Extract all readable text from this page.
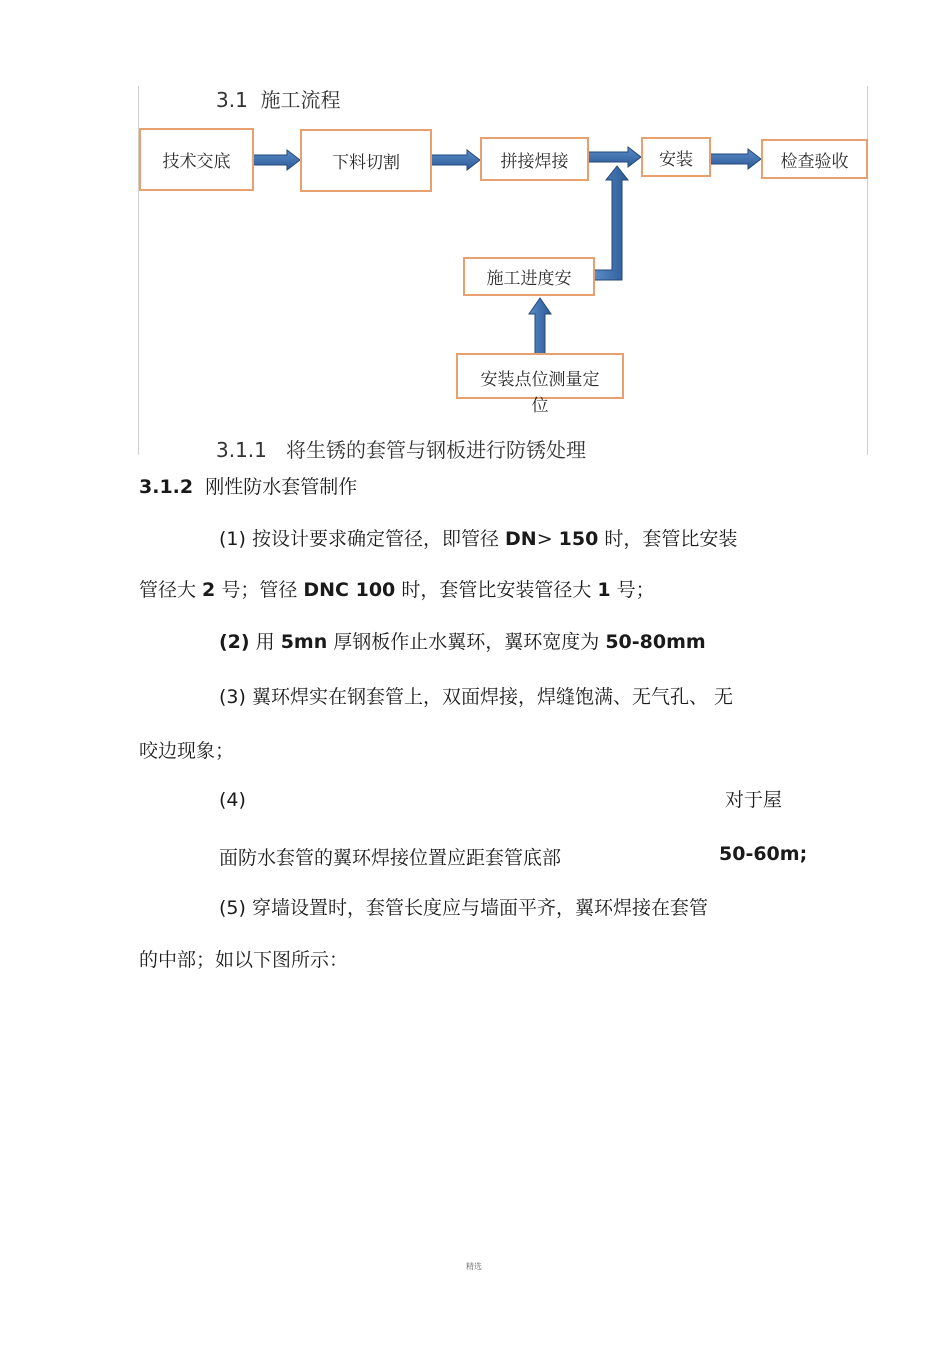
3.1 施工流程
技术交底	下料切割	拼接焊接	安装	检查验收
施工进度安
安装点位测量定
位
3.1.1 将生锈的套管与钢板进行防锈处理
3.1.2 刚性防水套管制作
(1) 按设计要求确定管径，即管径 DN> 150 时，套管比安装
管径大 2 号；管径 DNC 100 时，套管比安装管径大 1 号；
(2) 用 5mn 厚钢板作止水翼环，翼环宽度为 50-80mm
(3) 翼环焊实在钢套管上，双面焊接，焊缝饱满、无气孔、 无
咬边现象；
(4)	对于屋
面防水套管的翼环焊接位置应距套管底部	50-60m;
(5) 穿墙设置时，套管长度应与墙面平齐，翼环焊接在套管
的中部；如以下图所示：
精选
